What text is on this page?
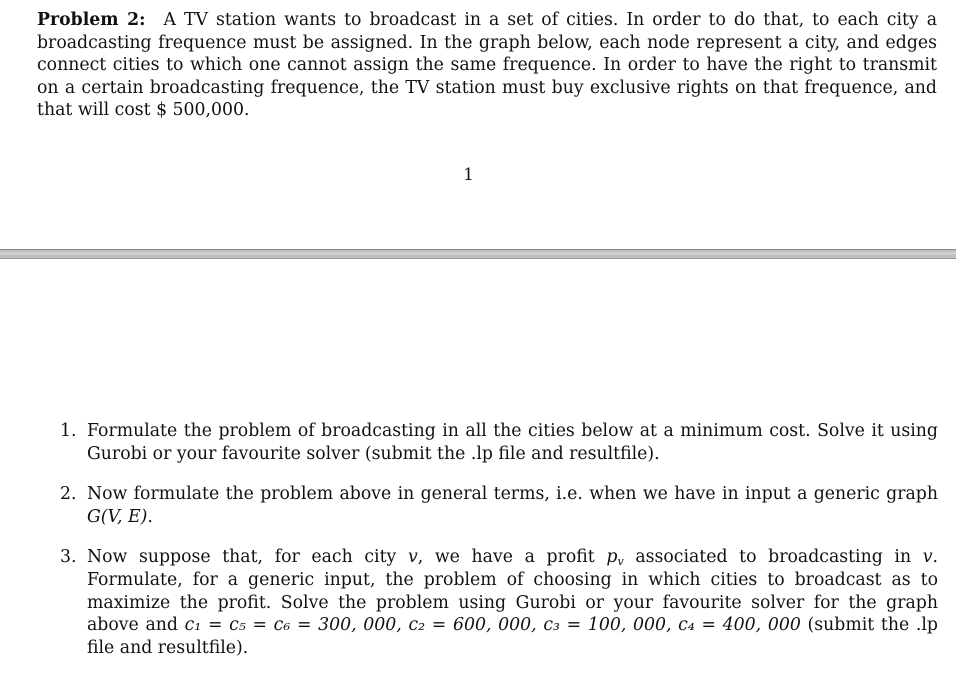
Problem 2: A TV station wants to broadcast in a set of cities. In order to do that, to each city a broadcasting frequence must be assigned. In the graph below, each node represent a city, and edges connect cities to which one cannot assign the same frequence. In order to have the right to transmit on a certain broadcasting frequence, the TV station must buy exclusive rights on that frequence, and that will cost $ 500,000.

1
1. Formulate the problem of broadcasting in all the cities below at a minimum cost. Solve it using Gurobi or your favourite solver (submit the .lp file and resultfile).
2. Now formulate the problem above in general terms, i.e. when we have in input a generic graph G(V, E).
3. Now suppose that, for each city v, we have a profit $p_v$ associated to broadcasting in v. Formulate, for a generic input, the problem of choosing in which cities to broadcast as to maximize the profit. Solve the problem using Gurobi or your favourite solver for the graph above and c₁ = c₅ = c₆ = 300, 000, c₂ = 600, 000, c₃ = 100, 000, c₄ = 400, 000 (submit the .lp file and resultfile).
